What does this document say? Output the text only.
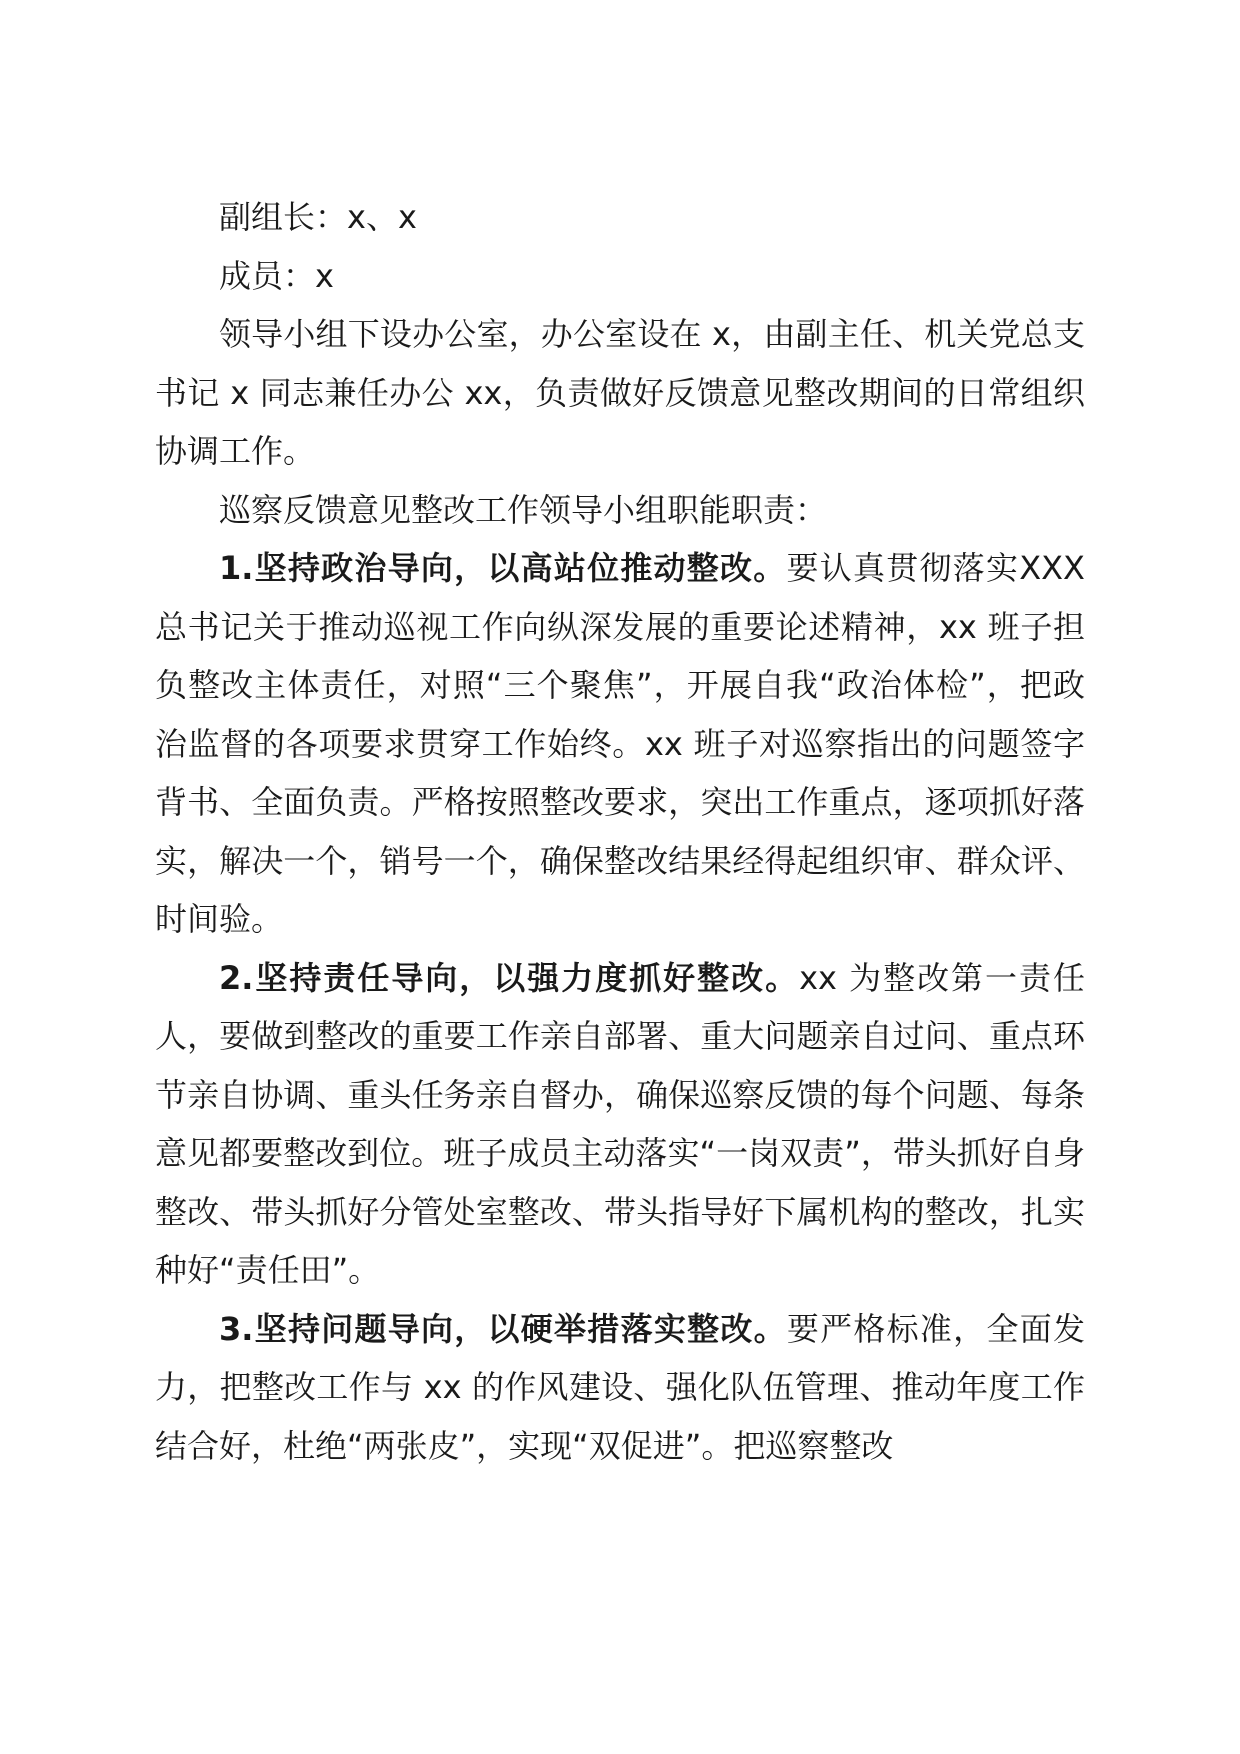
副组长：x、x

成员：x

领导小组下设办公室，办公室设在 x，由副主任、机关党总支书记 x 同志兼任办公 xx，负责做好反馈意见整改期间的日常组织协调工作。

巡察反馈意见整改工作领导小组职能职责：

1.坚持政治导向，以高站位推动整改。要认真贯彻落实XXX 总书记关于推动巡视工作向纵深发展的重要论述精神，xx 班子担负整改主体责任，对照“三个聚焦”，开展自我“政治体检”，把政治监督的各项要求贯穿工作始终。xx 班子对巡察指出的问题签字背书、全面负责。严格按照整改要求，突出工作重点，逐项抓好落实，解决一个，销号一个，确保整改结果经得起组织审、群众评、时间验。

2.坚持责任导向，以强力度抓好整改。xx 为整改第一责任人，要做到整改的重要工作亲自部署、重大问题亲自过问、重点环节亲自协调、重头任务亲自督办，确保巡察反馈的每个问题、每条意见都要整改到位。班子成员主动落实“一岗双责”，带头抓好自身整改、带头抓好分管处室整改、带头指导好下属机构的整改，扎实种好“责任田”。

3.坚持问题导向，以硬举措落实整改。要严格标准，全面发力，把整改工作与 xx 的作风建设、强化队伍管理、推动年度工作结合好，杜绝“两张皮”，实现“双促进”。把巡察整改
